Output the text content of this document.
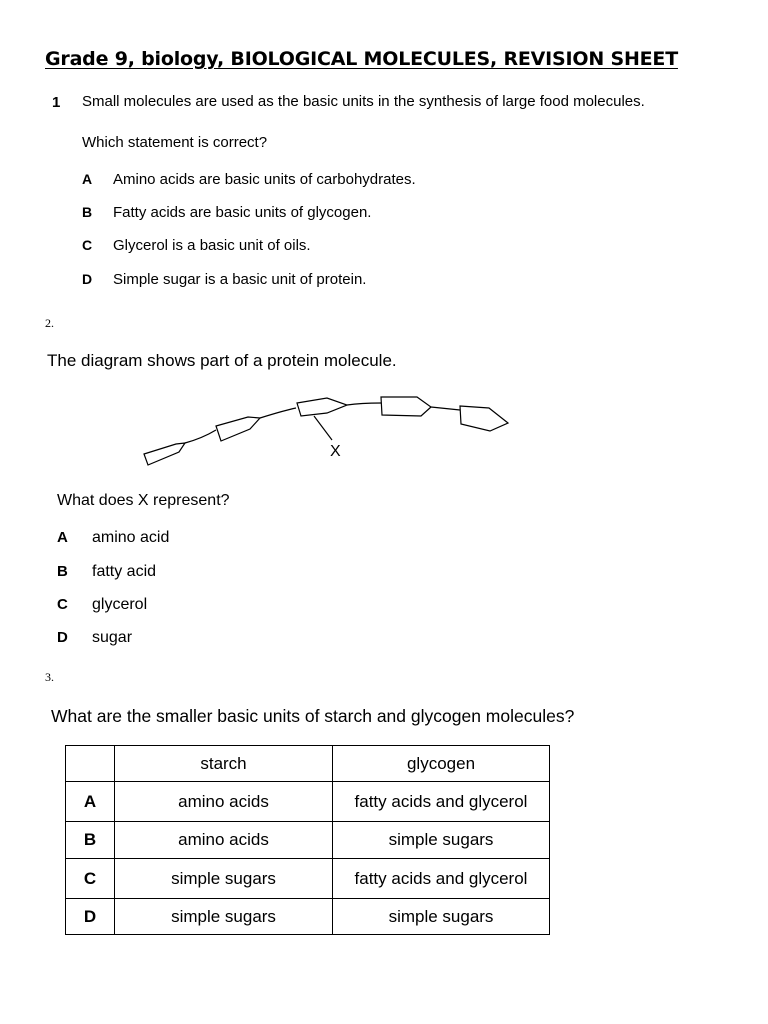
Grade 9, biology, BIOLOGICAL MOLECULES, REVISION SHEET
1 Small molecules are used as the basic units in the synthesis of large food molecules.
Which statement is correct?
A Amino acids are basic units of carbohydrates.
B Fatty acids are basic units of glycogen.
C Glycerol is a basic unit of oils.
D Simple sugar is a basic unit of protein.
2.
The diagram shows part of a protein molecule.
X
What does X represent?
A amino acid
B fatty acid
C glycerol
D sugar
3.
What are the smaller basic units of starch and glycogen molecules?
	starch	glycogen
A	amino acids	fatty acids and glycerol
B	amino acids	simple sugars
C	simple sugars	fatty acids and glycerol
D	simple sugars	simple sugars
